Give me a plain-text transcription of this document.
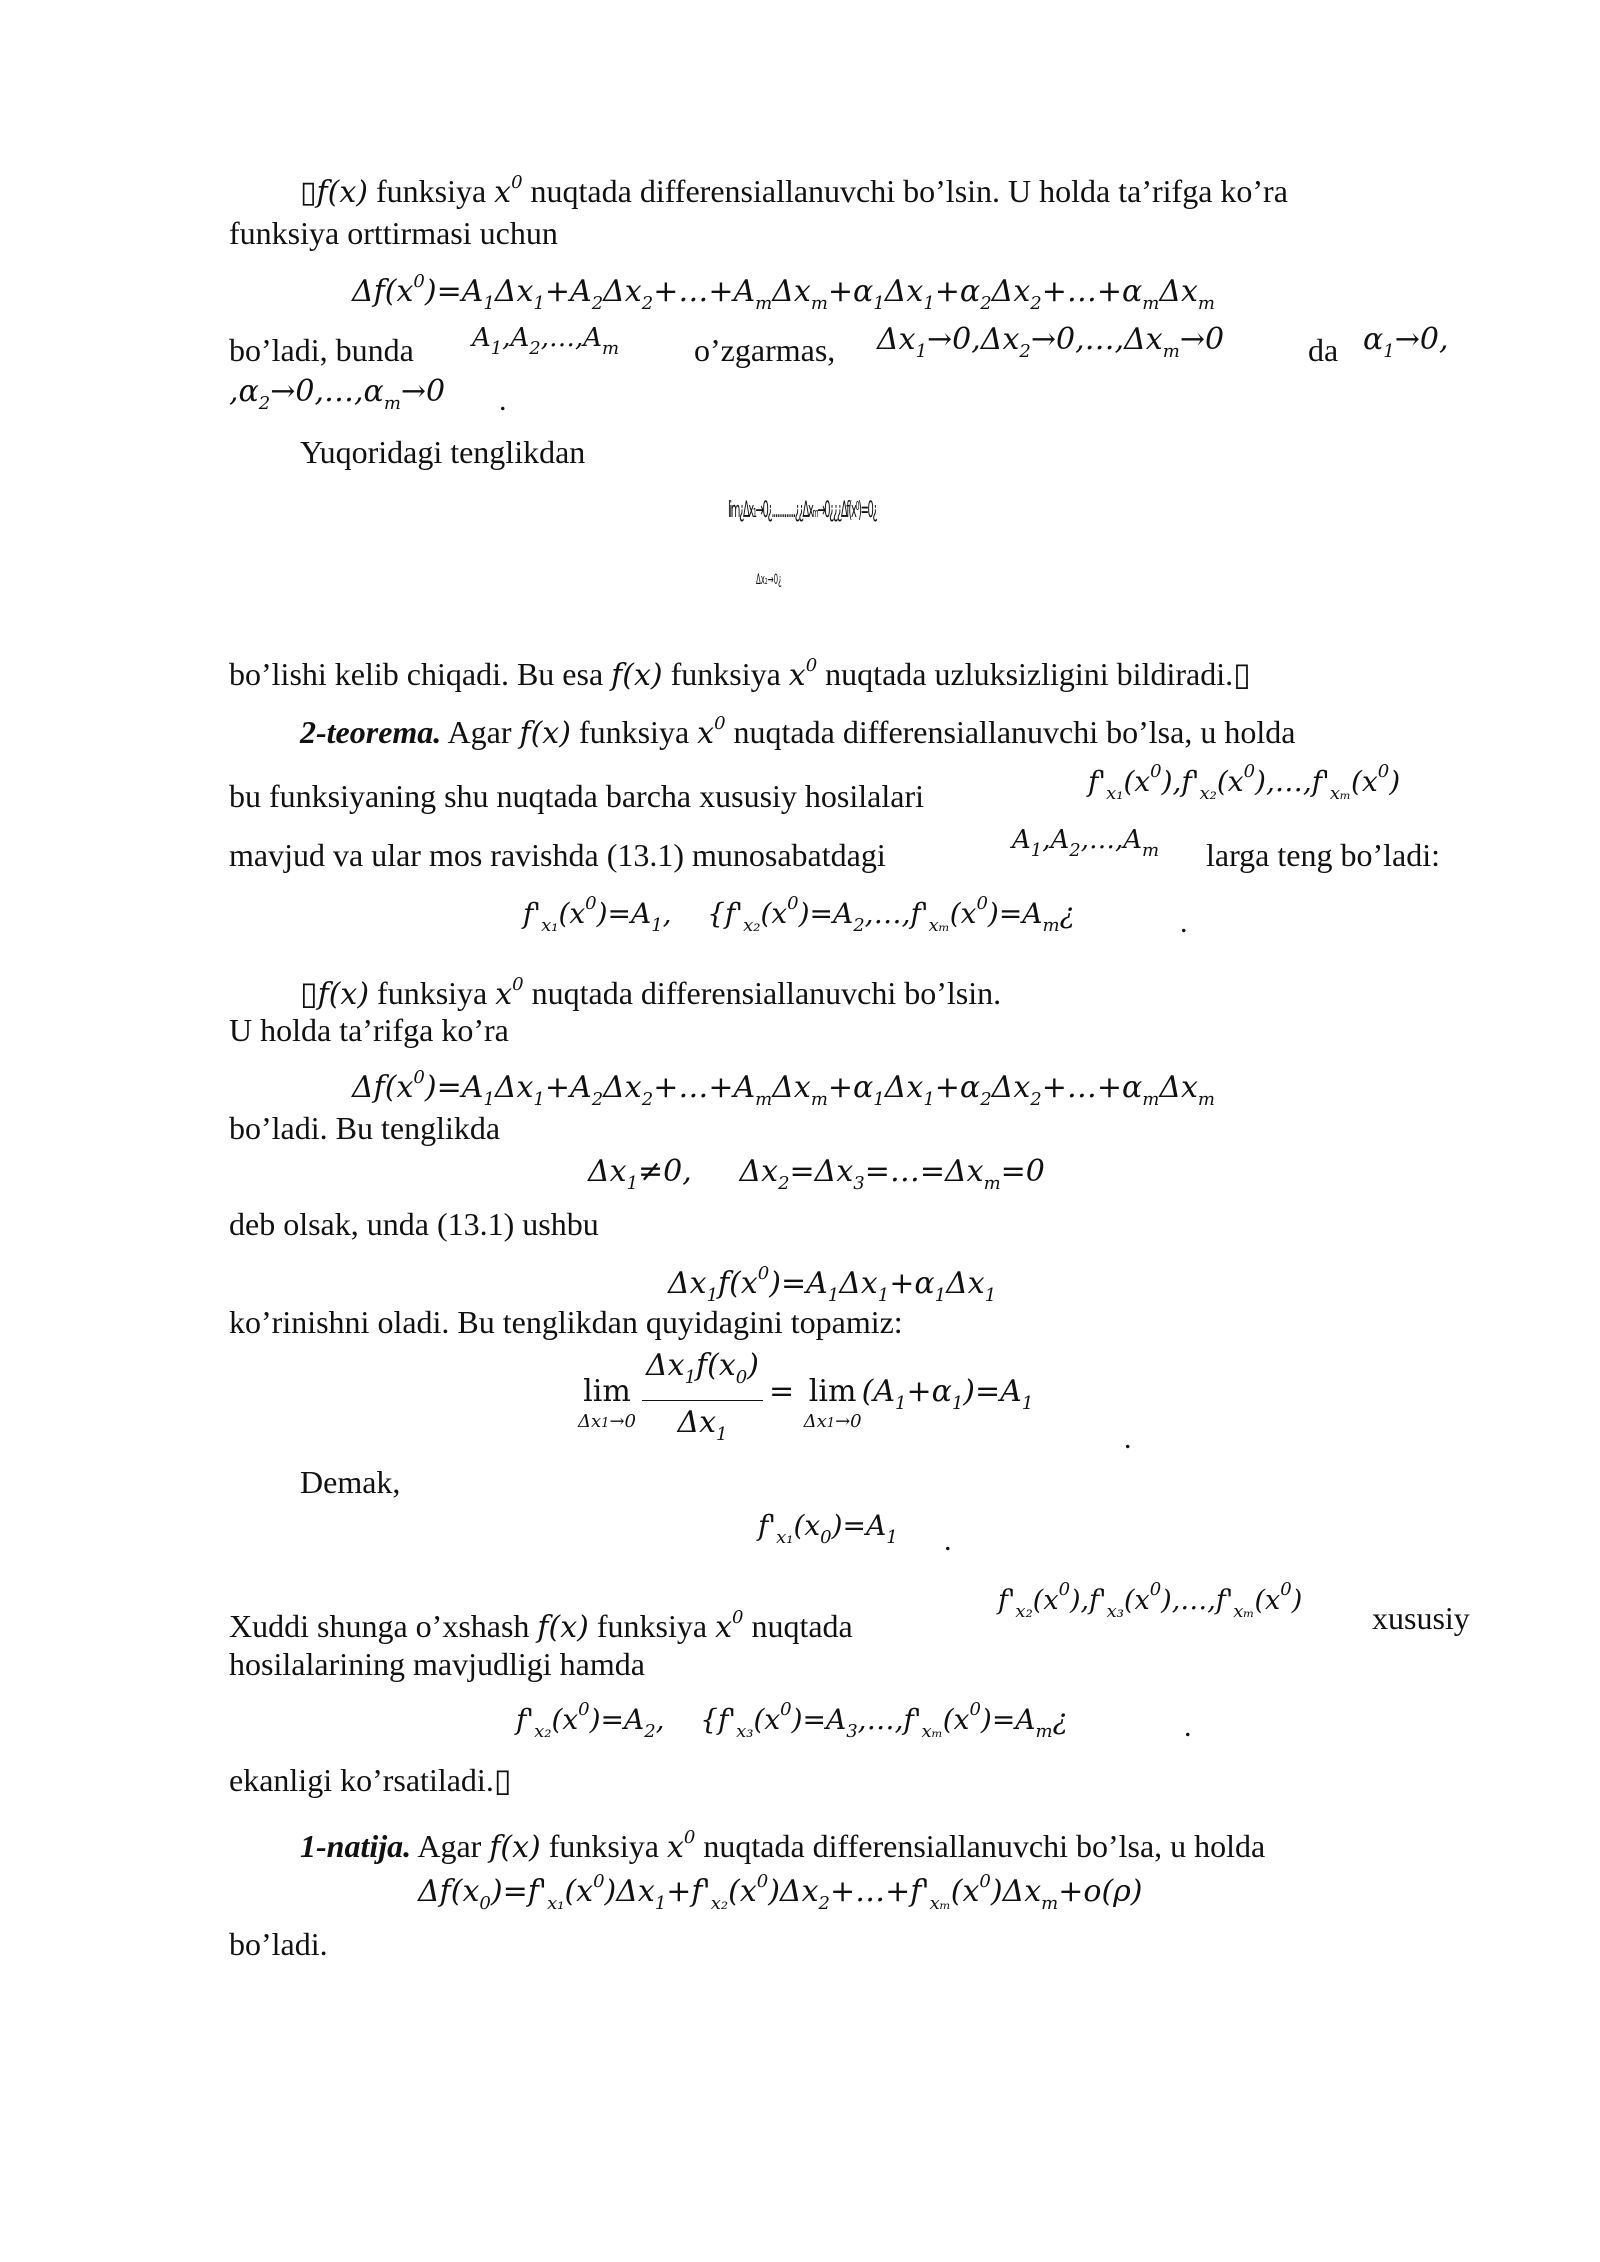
▯f(x) funksiya $x^0$ nuqtada differensiallanuvchi bo’lsin. U holda ta’rifga ko’ra
funksiya orttirmasi uchun
$\Delta f(x^0)=A_1\Delta x_1+A_2\Delta x_2+\dots+A_m\Delta x_m+\alpha_1\Delta x_1+\alpha_2\Delta x_2+\dots+\alpha_m\Delta x_m$
bo’ladi, bunda $A_1,A_2,\dots,A_m$ o’zgarmas, $\Delta x_1\to 0,\Delta x_2\to 0,\dots,\Delta x_m\to 0$	da $\alpha_1\to 0$,
$,\alpha_2\to 0,\dots,\alpha_m\to 0$ .
Yuqoridagi tenglikdan
lim¿Δx₁→0¿.............¿¿Δxₘ→0¿¿¿Δf(x⁰)=0¿
Δx₂→0¿
bo’lishi kelib chiqadi. Bu esa f(x) funksiya $x^0$ nuqtada uzluksizligini bildiradi.▯
2-teorema. Agar f(x) funksiya $x^0$ nuqtada differensiallanuvchi bo’lsa, u holda
bu funksiyaning shu nuqtada barcha xususiy hosilalari	$f'_{x_1}(x^0),f'_{x_2}(x^0),\dots,f'_{x_m}(x^0)$
mavjud va ular mos ravishda (13.1) munosabatdagi	$A_1,A_2,\dots,A_m$ larga teng bo’ladi:
$f'_{x_1}(x^0)=A_1$,    {$f'_{x_2}(x^0)=A_2,\dots,f'_{x_m}(x^0)=A_m¿$	.
▯f(x) funksiya $x^0$ nuqtada differensiallanuvchi bo’lsin.
U holda ta’rifga ko’ra
$\Delta f(x^0)=A_1\Delta x_1+A_2\Delta x_2+\dots+A_m\Delta x_m+\alpha_1\Delta x_1+\alpha_2\Delta x_2+\dots+\alpha_m\Delta x_m$
bo’ladi. Bu tenglikda
$\Delta x_1\ne 0$,     $\Delta x_2=\Delta x_3=\dots=\Delta x_m=0$
deb olsak, unda (13.1) ushbu
$\Delta x_1f(x^0)=A_1\Delta x_1+\alpha_1\Delta x_1$
ko’rinishni oladi. Bu tenglikdan quyidagini topamiz:
lim
$\Delta x1\to 0 \frac{\Delta x_1f(x_0)}{\Delta x_1} = \lim$
Δx1→0
$(A_1+\alpha_1)=A_1$
.
Demak,
$f'_{x_1}(x_0)=A_1$ .
Xuddi shunga o’xshash f(x) funksiya $x^0$ nuqtada
$f'_{x_2}(x^0),f'_{x_3}(x^0),\dots,f'_{x_m}(x^0)$ xususiy
hosilalarining mavjudligi hamda
$f'_{x_2}(x^0)=A_2$,    {$f'_{x_3}(x^0)=A_3,\dots,f'_{x_m}(x^0)=A_m¿$	.
ekanligi ko’rsatiladi.▯
1-natija. Agar f(x) funksiya $x^0$ nuqtada differensiallanuvchi bo’lsa, u holda
$\Delta f(x_0)=f'_{x_1}(x^0)\Delta x_1+f'_{x_2}(x^0)\Delta x_2+\dots+f'_{x_m}(x^0)\Delta x_m+o(\rho)$
bo’ladi.
